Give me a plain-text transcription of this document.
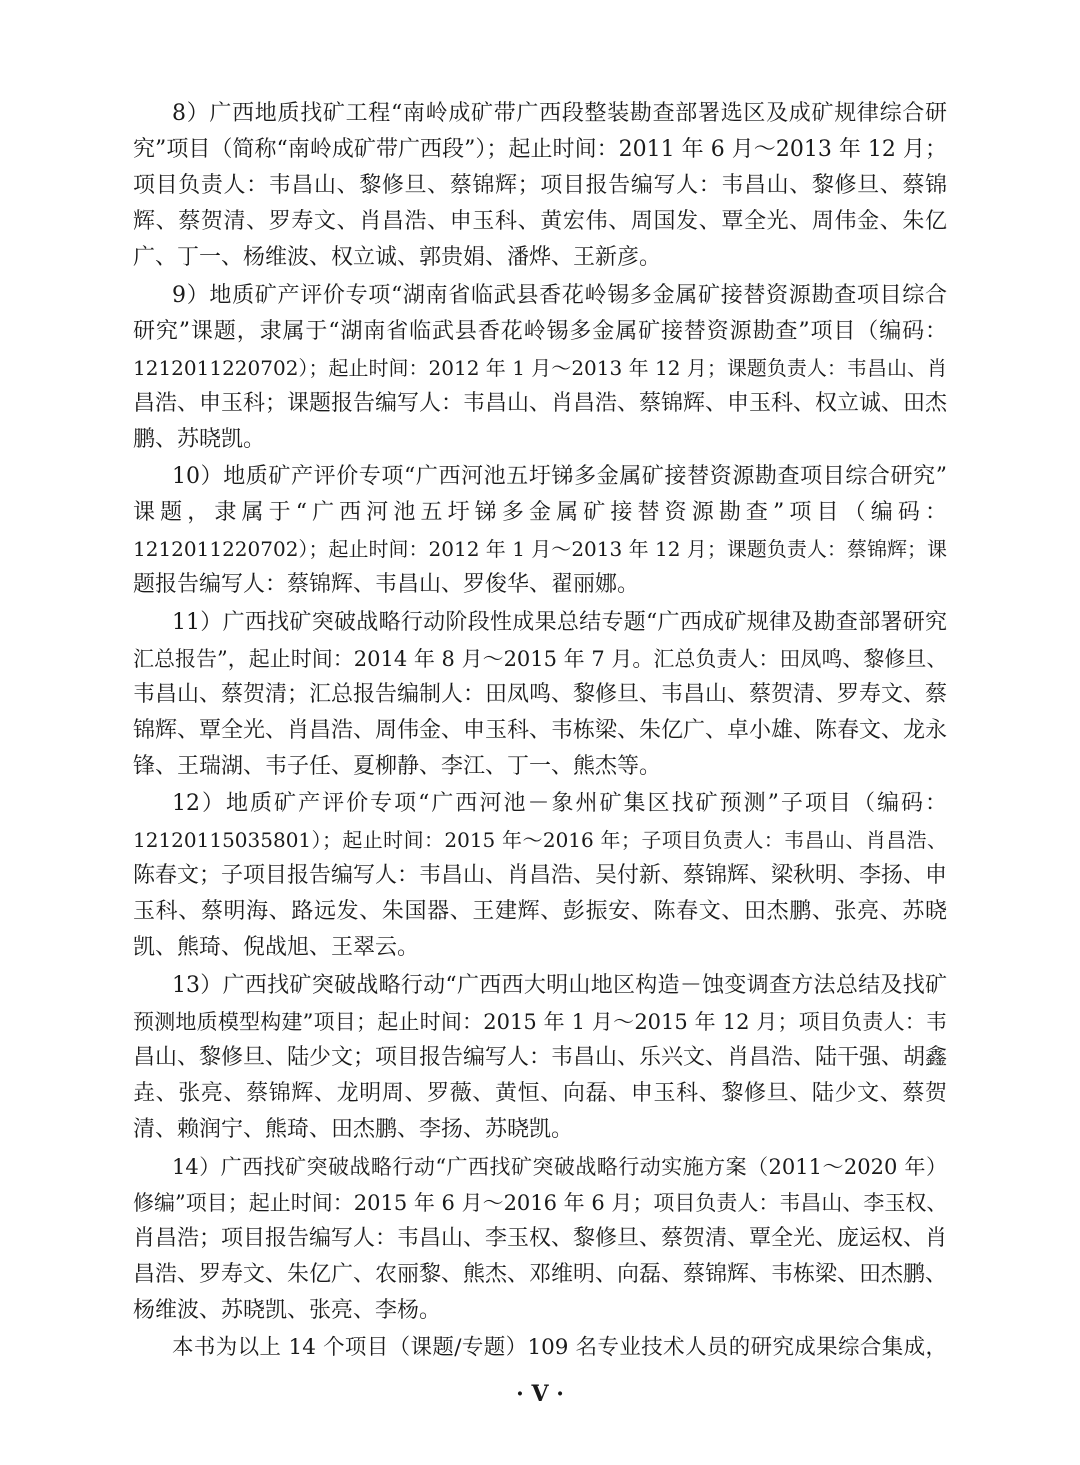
8）广西地质找矿工程“南岭成矿带广西段整装勘查部署选区及成矿规律综合研
究”项目（简称“南岭成矿带广西段”）；起止时间：2011 年 6 月～2013 年 12 月；
项目负责人：韦昌山、黎修旦、蔡锦辉；项目报告编写人：韦昌山、黎修旦、蔡锦
辉、蔡贺清、罗寿文、肖昌浩、申玉科、黄宏伟、周国发、覃全光、周伟金、朱亿
广、丁一、杨维波、权立诚、郭贵娟、潘烨、王新彦。
9）地质矿产评价专项“湖南省临武县香花岭锡多金属矿接替资源勘查项目综合
研究”课题，隶属于“湖南省临武县香花岭锡多金属矿接替资源勘查”项目（编码：
1212011220702）；起止时间：2012 年 1 月～2013 年 12 月；课题负责人：韦昌山、肖
昌浩、申玉科；课题报告编写人：韦昌山、肖昌浩、蔡锦辉、申玉科、权立诚、田杰
鹏、苏晓凯。
10）地质矿产评价专项“广西河池五圩锑多金属矿接替资源勘查项目综合研究”
课题，隶属于“广西河池五圩锑多金属矿接替资源勘查”项目（编码：
1212011220702）；起止时间：2012 年 1 月～2013 年 12 月；课题负责人：蔡锦辉；课
题报告编写人：蔡锦辉、韦昌山、罗俊华、翟丽娜。
11）广西找矿突破战略行动阶段性成果总结专题“广西成矿规律及勘查部署研究
汇总报告”，起止时间：2014 年 8 月～2015 年 7 月。汇总负责人：田凤鸣、黎修旦、
韦昌山、蔡贺清；汇总报告编制人：田凤鸣、黎修旦、韦昌山、蔡贺清、罗寿文、蔡
锦辉、覃全光、肖昌浩、周伟金、申玉科、韦栋梁、朱亿广、卓小雄、陈春文、龙永
锋、王瑞湖、韦子任、夏柳静、李江、丁一、熊杰等。
12）地质矿产评价专项“广西河池－象州矿集区找矿预测”子项目（编码：
12120115035801）；起止时间：2015 年～2016 年；子项目负责人：韦昌山、肖昌浩、
陈春文；子项目报告编写人：韦昌山、肖昌浩、吴付新、蔡锦辉、梁秋明、李扬、申
玉科、蔡明海、路远发、朱国器、王建辉、彭振安、陈春文、田杰鹏、张亮、苏晓
凯、熊琦、倪战旭、王翠云。
13）广西找矿突破战略行动“广西西大明山地区构造－蚀变调查方法总结及找矿
预测地质模型构建”项目；起止时间：2015 年 1 月～2015 年 12 月；项目负责人：韦
昌山、黎修旦、陆少文；项目报告编写人：韦昌山、乐兴文、肖昌浩、陆干强、胡鑫
垚、张亮、蔡锦辉、龙明周、罗薇、黄恒、向磊、申玉科、黎修旦、陆少文、蔡贺
清、赖润宁、熊琦、田杰鹏、李扬、苏晓凯。
14）广西找矿突破战略行动“广西找矿突破战略行动实施方案（2011～2020 年）
修编”项目；起止时间：2015 年 6 月～2016 年 6 月；项目负责人：韦昌山、李玉权、
肖昌浩；项目报告编写人：韦昌山、李玉权、黎修旦、蔡贺清、覃全光、庞运权、肖
昌浩、罗寿文、朱亿广、农丽黎、熊杰、邓维明、向磊、蔡锦辉、韦栋梁、田杰鹏、
杨维波、苏晓凯、张亮、李杨。
本书为以上 14 个项目（课题/专题）109 名专业技术人员的研究成果综合集成，
· V ·
